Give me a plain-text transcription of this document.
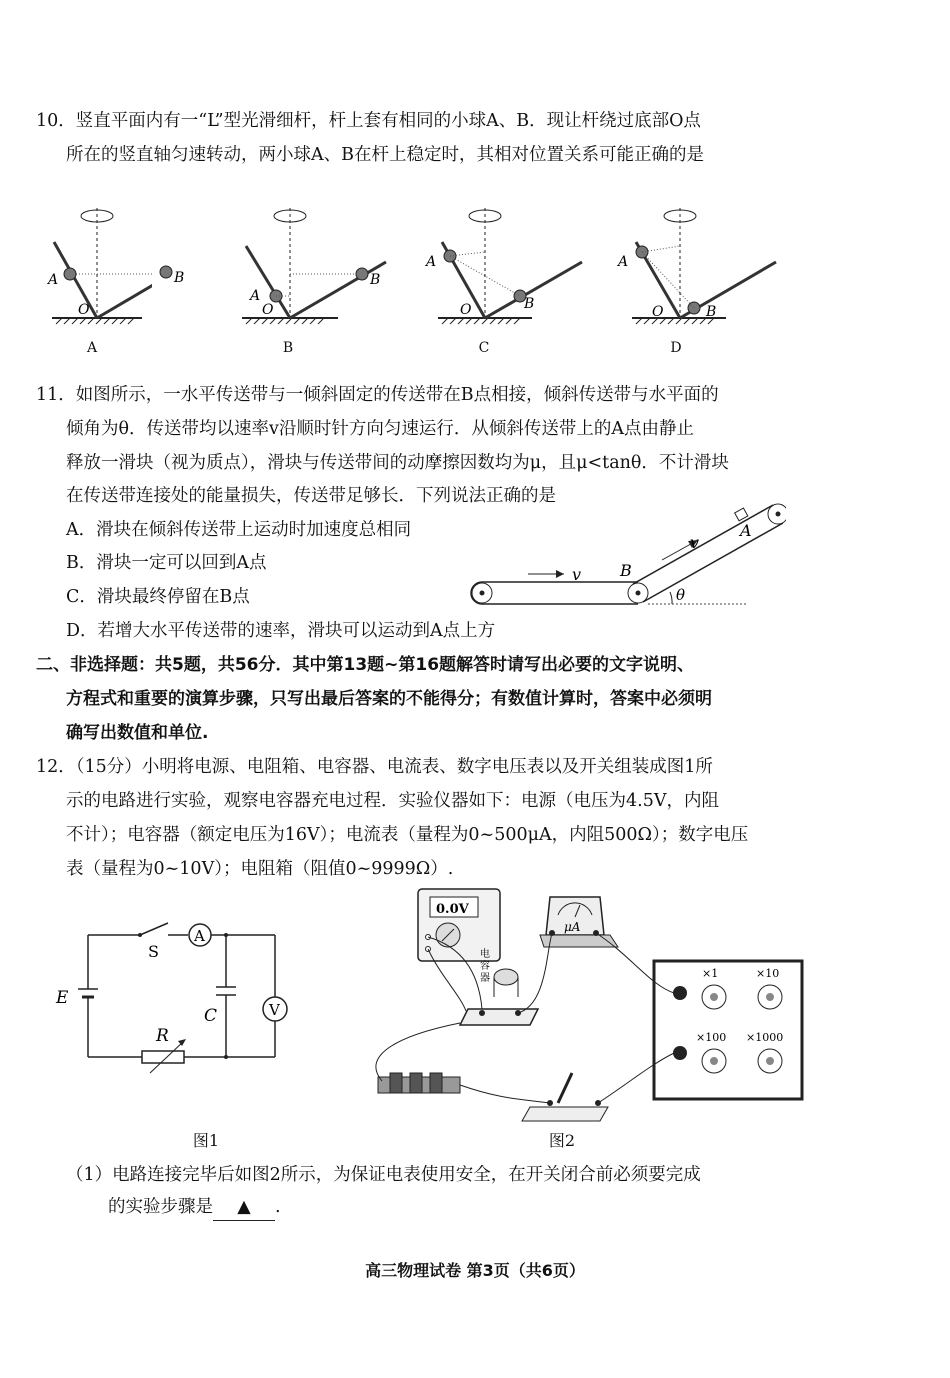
10．竖直平面内有一“L”型光滑细杆，杆上套有相同的小球A、B．现让杆绕过底部O点
所在的竖直轴匀速转动，两小球A、B在杆上稳定时，其相对位置关系可能正确的是
A
O
B
A
A
O
B
B
A
O	B
C
A
O	B
D
11．如图所示，一水平传送带与一倾斜固定的传送带在B点相接，倾斜传送带与水平面的
倾角为θ．传送带均以速率v沿顺时针方向匀速运行．从倾斜传送带上的A点由静止
释放一滑块（视为质点），滑块与传送带间的动摩擦因数均为μ，且μ<tanθ．不计滑块
在传送带连接处的能量损失，传送带足够长．下列说法正确的是
A．滑块在倾斜传送带上运动时加速度总相同
B．滑块一定可以回到A点
C．滑块最终停留在B点
D．若增大水平传送带的速率，滑块可以运动到A点上方
v
v
B
A
θ
二、非选择题：共5题，共56分．其中第13题~第16题解答时请写出必要的文字说明、
方程式和重要的演算步骤，只写出最后答案的不能得分；有数值计算时，答案中必须明
确写出数值和单位.
12．（15分）小明将电源、电阻箱、电容器、电流表、数字电压表以及开关组装成图1所
示的电路进行实验，观察电容器充电过程．实验仪器如下：电源（电压为4.5V，内阻
不计）；电容器（额定电压为16V）；电流表（量程为0~500μA，内阻500Ω）；数字电压
表（量程为0~10V）；电阻箱（阻值0~9999Ω）.
A
V
S
E
C
R
图1
0.0V
μA
电
容
器	×1	×10
×100 ×1000
图2
（1）电路连接完毕后如图2所示，为保证电表使用安全，在开关闭合前必须要完成
的实验步骤是 ▲ .
高三物理试卷 第3页（共6页）
